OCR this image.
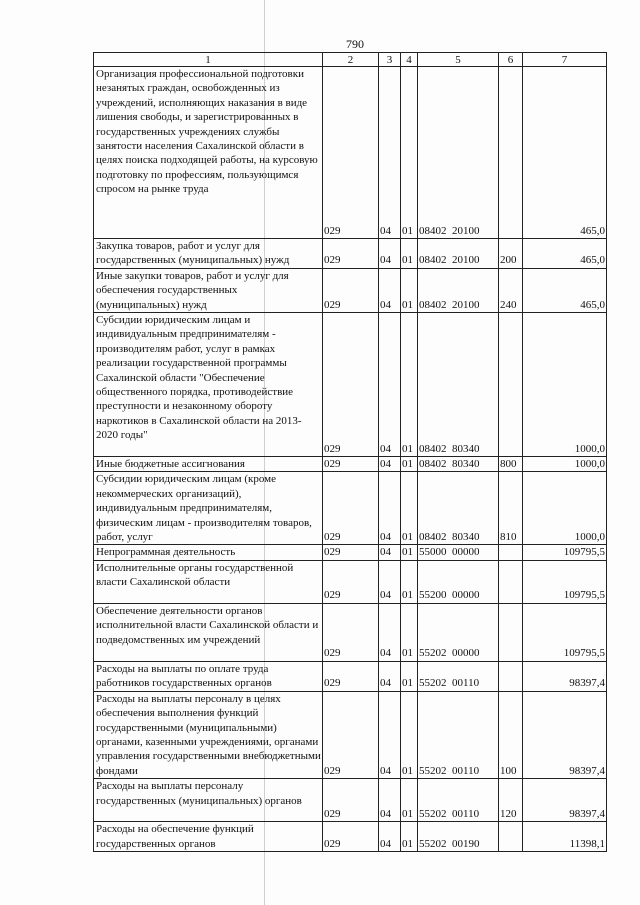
790
1	2	3	4	5	6	7
Организация профессиональной подготовки незанятых граждан, освобожденных из учреждений, исполняющих наказания в виде лишения свободы, и зарегистрированных в государственных учреждениях службы занятости населения Сахалинской области в целях поиска подходящей работы, на курсовую подготовку по профессиям, пользующимся спросом на рынке труда	029	04	01	08402 20100		465,0
Закупка товаров, работ и услуг для государственных (муниципальных) нужд	029	04	01	08402 20100	200	465,0
Иные закупки товаров, работ и услуг для обеспечения государственных (муниципальных) нужд	029	04	01	08402 20100	240	465,0
Субсидии юридическим лицам и индивидуальным предпринимателям - производителям работ, услуг в рамках реализации государственной программы Сахалинской области "Обеспечение общественного порядка, противодействие преступности и незаконному обороту наркотиков в Сахалинской области на 2013-2020 годы"	029	04	01	08402 80340		1000,0
Иные бюджетные ассигнования	029	04	01	08402 80340	800	1000,0
Субсидии юридическим лицам (кроме некоммерческих организаций), индивидуальным предпринимателям, физическим лицам - производителям товаров, работ, услуг	029	04	01	08402 80340	810	1000,0
Непрограммная деятельность	029	04	01	55000 00000		109795,5
Исполнительные органы государственной власти Сахалинской области	029	04	01	55200 00000		109795,5
Обеспечение деятельности органов исполнительной власти Сахалинской области и подведомственных им учреждений	029	04	01	55202 00000		109795,5
Расходы на выплаты по оплате труда работников государственных органов	029	04	01	55202 00110		98397,4
Расходы на выплаты персоналу в целях обеспечения выполнения функций государственными (муниципальными) органами, казенными учреждениями, органами управления государственными внебюджетными фондами	029	04	01	55202 00110	100	98397,4
Расходы на выплаты персоналу государственных (муниципальных) органов	029	04	01	55202 00110	120	98397,4
Расходы на обеспечение функций государственных органов	029	04	01	55202 00190		11398,1
